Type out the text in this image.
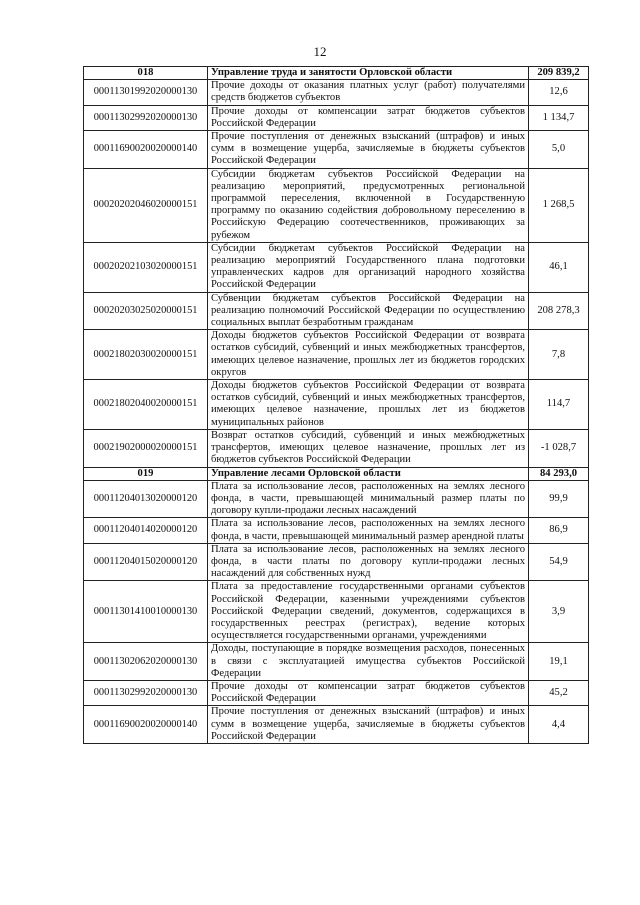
12
018	Управление труда и занятости Орловской области	209 839,2
00011301992020000130	Прочие доходы от оказания платных услуг (работ) получателями средств бюджетов субъектов	12,6
00011302992020000130	Прочие доходы от компенсации затрат бюджетов субъектов Российской Федерации	1 134,7
00011690020020000140	Прочие поступления от денежных взысканий (штрафов) и иных сумм в возмещение ущерба, зачисляемые в бюджеты субъектов Российской Федерации	5,0
00020202046020000151	Субсидии бюджетам субъектов Российской Федерации на реализацию мероприятий, предусмотренных региональной программой переселения, включенной в Государственную программу по оказанию содействия добровольному переселению в Российскую Федерацию соотечественников, проживающих за рубежом	1 268,5
00020202103020000151	Субсидии бюджетам субъектов Российской Федерации на реализацию мероприятий Государственного плана подготовки управленческих кадров для организаций народного хозяйства Российской Федерации	46,1
00020203025020000151	Субвенции бюджетам субъектов Российской Федерации на реализацию полномочий Российской Федерации по осуществлению социальных выплат безработным гражданам	208 278,3
00021802030020000151	Доходы бюджетов субъектов Российской Федерации от возврата остатков субсидий, субвенций и иных межбюджетных трансфертов, имеющих целевое назначение, прошлых лет из бюджетов городских округов	7,8
00021802040020000151	Доходы бюджетов субъектов Российской Федерации от возврата остатков субсидий, субвенций и иных межбюджетных трансфертов, имеющих целевое назначение, прошлых лет из бюджетов муниципальных районов	114,7
00021902000020000151	Возврат остатков субсидий, субвенций и иных межбюджетных трансфертов, имеющих целевое назначение, прошлых лет из бюджетов субъектов Российской Федерации	-1 028,7
019	Управление лесами Орловской области	84 293,0
00011204013020000120	Плата за использование лесов, расположенных на землях лесного фонда, в части, превышающей минимальный размер платы по договору купли-продажи лесных насаждений	99,9
00011204014020000120	Плата за использование лесов, расположенных на землях лесного фонда, в части, превышающей минимальный размер арендной платы	86,9
00011204015020000120	Плата за использование лесов, расположенных на землях лесного фонда, в части платы по договору купли-продажи лесных насаждений для собственных нужд	54,9
00011301410010000130	Плата за предоставление государственными органами субъектов Российской Федерации, казенными учреждениями субъектов Российской Федерации сведений, документов, содержащихся в государственных реестрах (регистрах), ведение которых осуществляется государственными органами, учреждениями	3,9
00011302062020000130	Доходы, поступающие в порядке возмещения расходов, понесенных в связи с эксплуатацией имущества субъектов Российской Федерации	19,1
00011302992020000130	Прочие доходы от компенсации затрат бюджетов субъектов Российской Федерации	45,2
00011690020020000140	Прочие поступления от денежных взысканий (штрафов) и иных сумм в возмещение ущерба, зачисляемые в бюджеты субъектов Российской Федерации	4,4
